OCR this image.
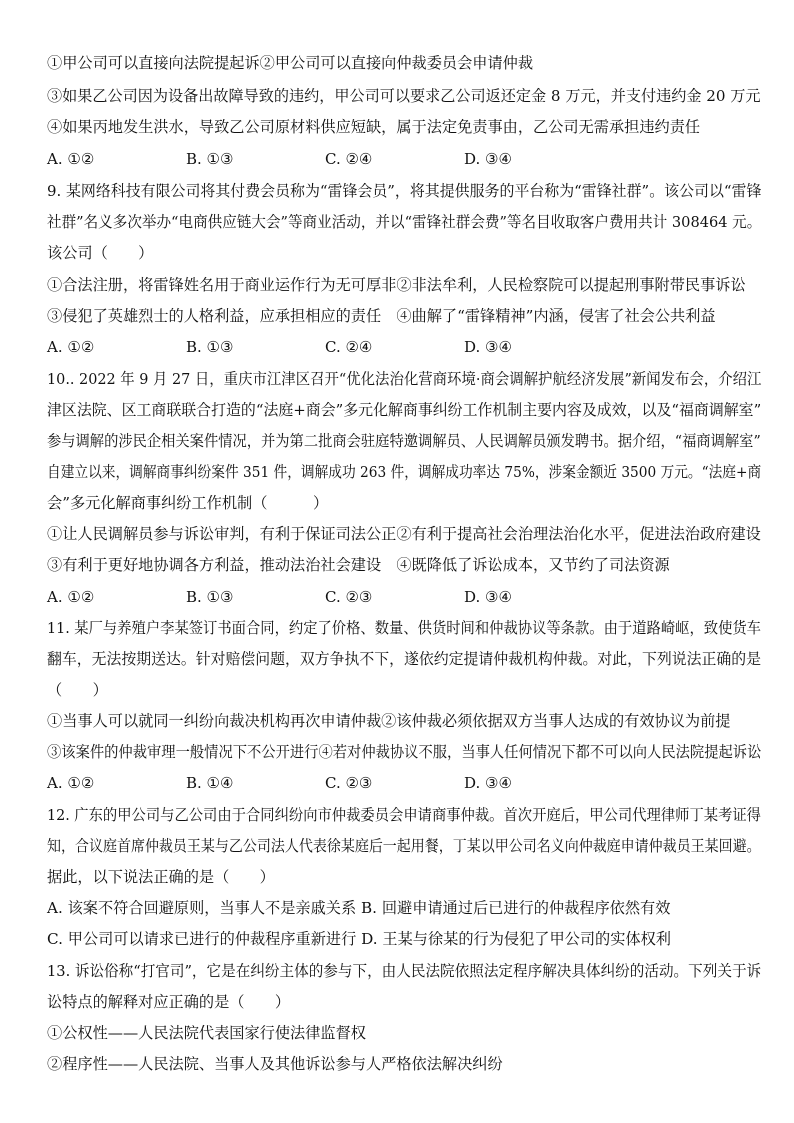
①甲公司可以直接向法院提起诉②甲公司可以直接向仲裁委员会申请仲裁
③如果乙公司因为设备出故障导致的违约，甲公司可以要求乙公司返还定金 8 万元，并支付违约金 20 万元
④如果丙地发生洪水，导致乙公司原材料供应短缺，属于法定免责事由，乙公司无需承担违约责任
A. ①②	B. ①③	C. ②④	D. ③④
9. 某网络科技有限公司将其付费会员称为“雷锋会员”，将其提供服务的平台称为“雷锋社群”。该公司以“雷锋
社群”名义多次举办“电商供应链大会”等商业活动，并以“雷锋社群会费”等名目收取客户费用共计 308464 元。
该公司（　　）
①合法注册，将雷锋姓名用于商业运作行为无可厚非②非法牟利，人民检察院可以提起刑事附带民事诉讼
③侵犯了英雄烈士的人格利益，应承担相应的责任　④曲解了“雷锋精神”内涵，侵害了社会公共利益
A. ①②	B. ①③	C. ②④	D. ③④
10.. 2022 年 9 月 27 日，重庆市江津区召开“优化法治化营商环境·商会调解护航经济发展”新闻发布会，介绍江
津区法院、区工商联联合打造的“法庭+商会”多元化解商事纠纷工作机制主要内容及成效，以及“福商调解室”
参与调解的涉民企相关案件情况，并为第二批商会驻庭特邀调解员、人民调解员颁发聘书。据介绍，“福商调解室”
自建立以来，调解商事纠纷案件 351 件，调解成功 263 件，调解成功率达 75%，涉案金额近 3500 万元。“法庭+商
会”多元化解商事纠纷工作机制（　　　）
①让人民调解员参与诉讼审判，有利于保证司法公正②有利于提高社会治理法治化水平，促进法治政府建设
③有利于更好地协调各方利益，推动法治社会建设　④既降低了诉讼成本，又节约了司法资源
A. ①②	B. ①③	C. ②③	D. ③④
11. 某厂与养殖户李某签订书面合同，约定了价格、数量、供货时间和仲裁协议等条款。由于道路崎岖，致使货车
翻车，无法按期送达。针对赔偿问题，双方争执不下，遂依约定提请仲裁机构仲裁。对此，下列说法正确的是
（　　）
①当事人可以就同一纠纷向裁决机构再次申请仲裁②该仲裁必须依据双方当事人达成的有效协议为前提
③该案件的仲裁审理一般情况下不公开进行④若对仲裁协议不服，当事人任何情况下都不可以向人民法院提起诉讼
A. ①②	B. ①④	C. ②③	D. ③④
12. 广东的甲公司与乙公司由于合同纠纷向市仲裁委员会申请商事仲裁。首次开庭后，甲公司代理律师丁某考证得
知，合议庭首席仲裁员王某与乙公司法人代表徐某庭后一起用餐，丁某以甲公司名义向仲裁庭申请仲裁员王某回避。
据此，以下说法正确的是（　　）
A. 该案不符合回避原则，当事人不是亲戚关系 B. 回避申请通过后已进行的仲裁程序依然有效
C. 甲公司可以请求已进行的仲裁程序重新进行 D. 王某与徐某的行为侵犯了甲公司的实体权利
13. 诉讼俗称“打官司”，它是在纠纷主体的参与下，由人民法院依照法定程序解决具体纠纷的活动。下列关于诉
讼特点的解释对应正确的是（　　）
①公权性——人民法院代表国家行使法律监督权
②程序性——人民法院、当事人及其他诉讼参与人严格依法解决纠纷
